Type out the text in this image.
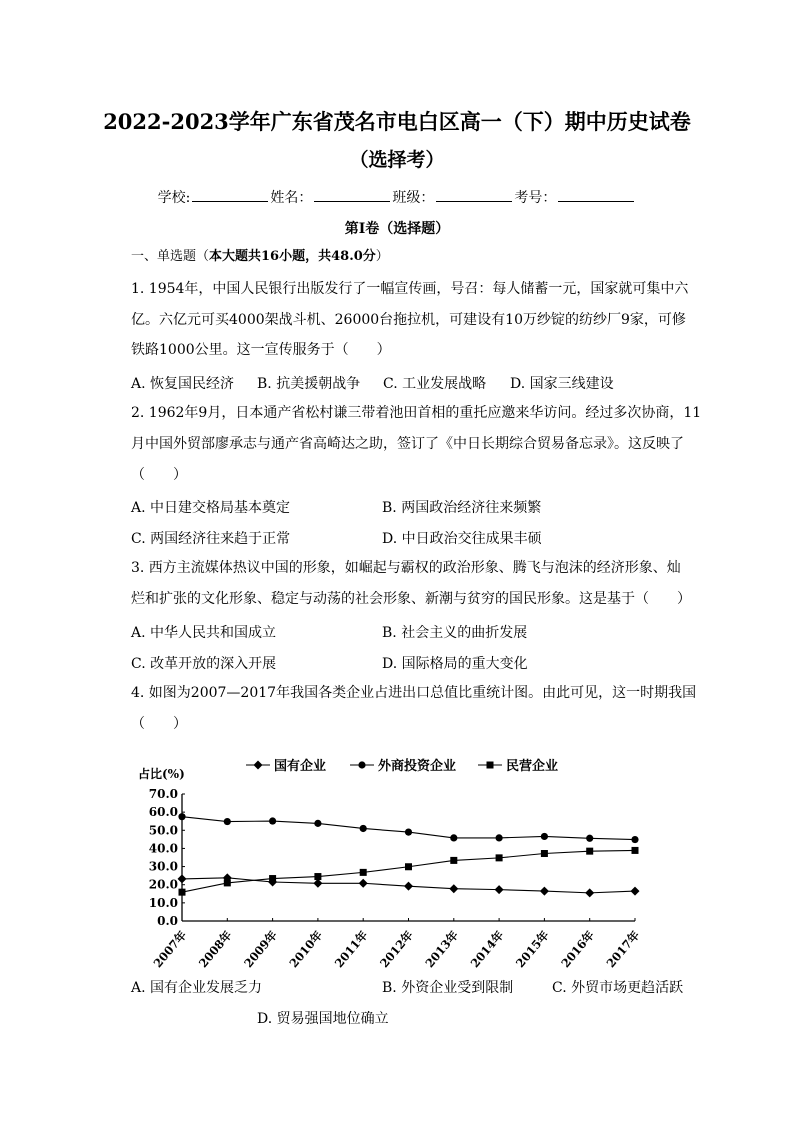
2022-2023学年广东省茂名市电白区高一（下）期中历史试卷
（选择考）
学校:	姓名：	班级：	考号：
第I卷（选择题）
一、单选题（本大题共16小题，共48.0分）
1. 1954年，中国人民银行出版发行了一幅宣传画，号召：每人储蓄一元，国家就可集中六
亿。六亿元可买4000架战斗机、26000台拖拉机，可建设有10万纱锭的纺纱厂9家，可修
铁路1000公里。这一宣传服务于（　　）
A. 恢复国民经济 B. 抗美援朝战争 C. 工业发展战略 D. 国家三线建设
2. 1962年9月，日本通产省松村谦三带着池田首相的重托应邀来华访问。经过多次协商，11
月中国外贸部廖承志与通产省高崎达之助，签订了《中日长期综合贸易备忘录》。这反映了
（　　）
A. 中日建交格局基本奠定	B. 两国政治经济往来频繁
C. 两国经济往来趋于正常	D. 中日政治交往成果丰硕
3. 西方主流媒体热议中国的形象，如崛起与霸权的政治形象、腾飞与泡沫的经济形象、灿
烂和扩张的文化形象、稳定与动荡的社会形象、新潮与贫穷的国民形象。这是基于（　　）
A. 中华人民共和国成立	B. 社会主义的曲折发展
C. 改革开放的深入开展	D. 国际格局的重大变化
4. 如图为2007—2017年我国各类企业占进出口总值比重统计图。由此可见，这一时期我国
（　　）
占比(%)	国有企业	外商投资企业	民营企业
0.0
10.0
20.0
30.0
40.0
50.0
60.0
70.0
2007年 2008年 2009年 2010年 2011年 2012年 2013年 2014年 2015年 2016年 2017年
A. 国有企业发展乏力	B. 外资企业受到限制	C. 外贸市场更趋活跃
D. 贸易强国地位确立
